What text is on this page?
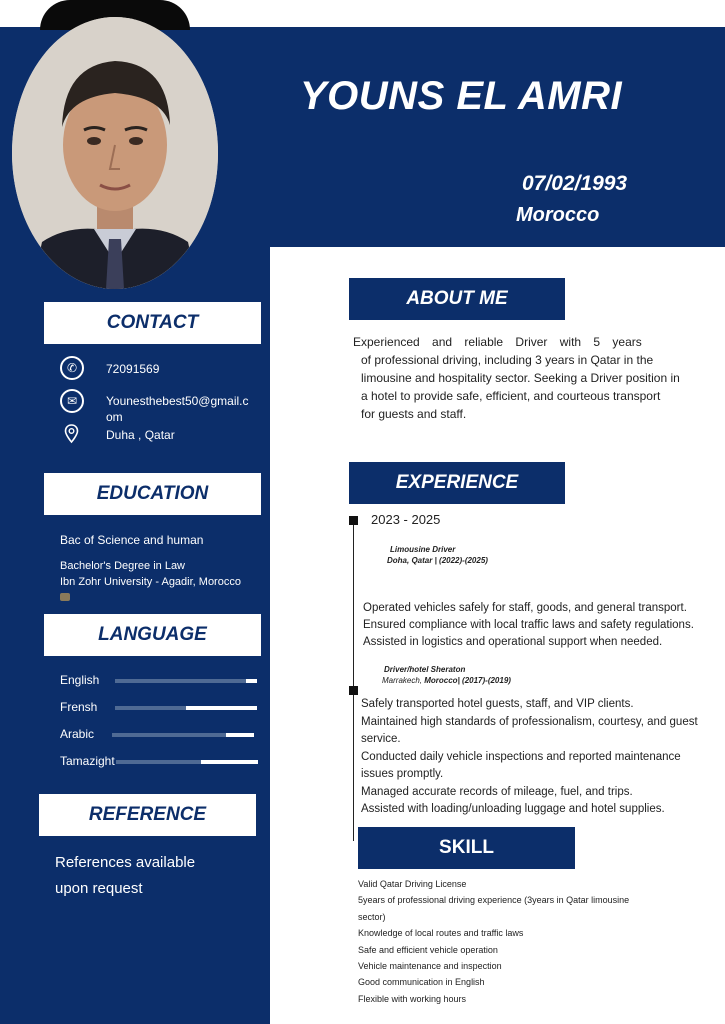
YOUNS EL AMRI
07/02/1993
Morocco
CONTACT
✆	72091569
✉	Younesthebest50@gmail.c
om
Duha , Qatar
EDUCATION
Bac of Science and human
Bachelor's Degree in Law
Ibn Zohr University - Agadir, Morocco
LANGUAGE
English
Frensh
Arabic
Tamazight
REFERENCE
References available
upon request
ABOUT ME
Experienced and reliable Driver with 5 years
of professional driving, including 3 years in Qatar in the
limousine and hospitality sector. Seeking a Driver position in
a hotel to provide safe, efficient, and courteous transport
for guests and staff.
EXPERIENCE
2023 - 2025
Limousine Driver
Doha, Qatar | (2022)-(2025)
Operated vehicles safely for staff, goods, and general transport.
Ensured compliance with local traffic laws and safety regulations.
Assisted in logistics and operational support when needed.
Driver/hotel Sheraton
Marrakech, Morocco| (2017)-(2019)
Safely transported hotel guests, staff, and VIP clients.
Maintained high standards of professionalism, courtesy, and guest
service.
Conducted daily vehicle inspections and reported maintenance
issues promptly.
Managed accurate records of mileage, fuel, and trips.
Assisted with loading/unloading luggage and hotel supplies.
SKILL
Valid Qatar Driving License
5years of professional driving experience (3years in Qatar limousine
sector)
Knowledge of local routes and traffic laws
Safe and efficient vehicle operation
Vehicle maintenance and inspection
Good communication in English
Flexible with working hours
